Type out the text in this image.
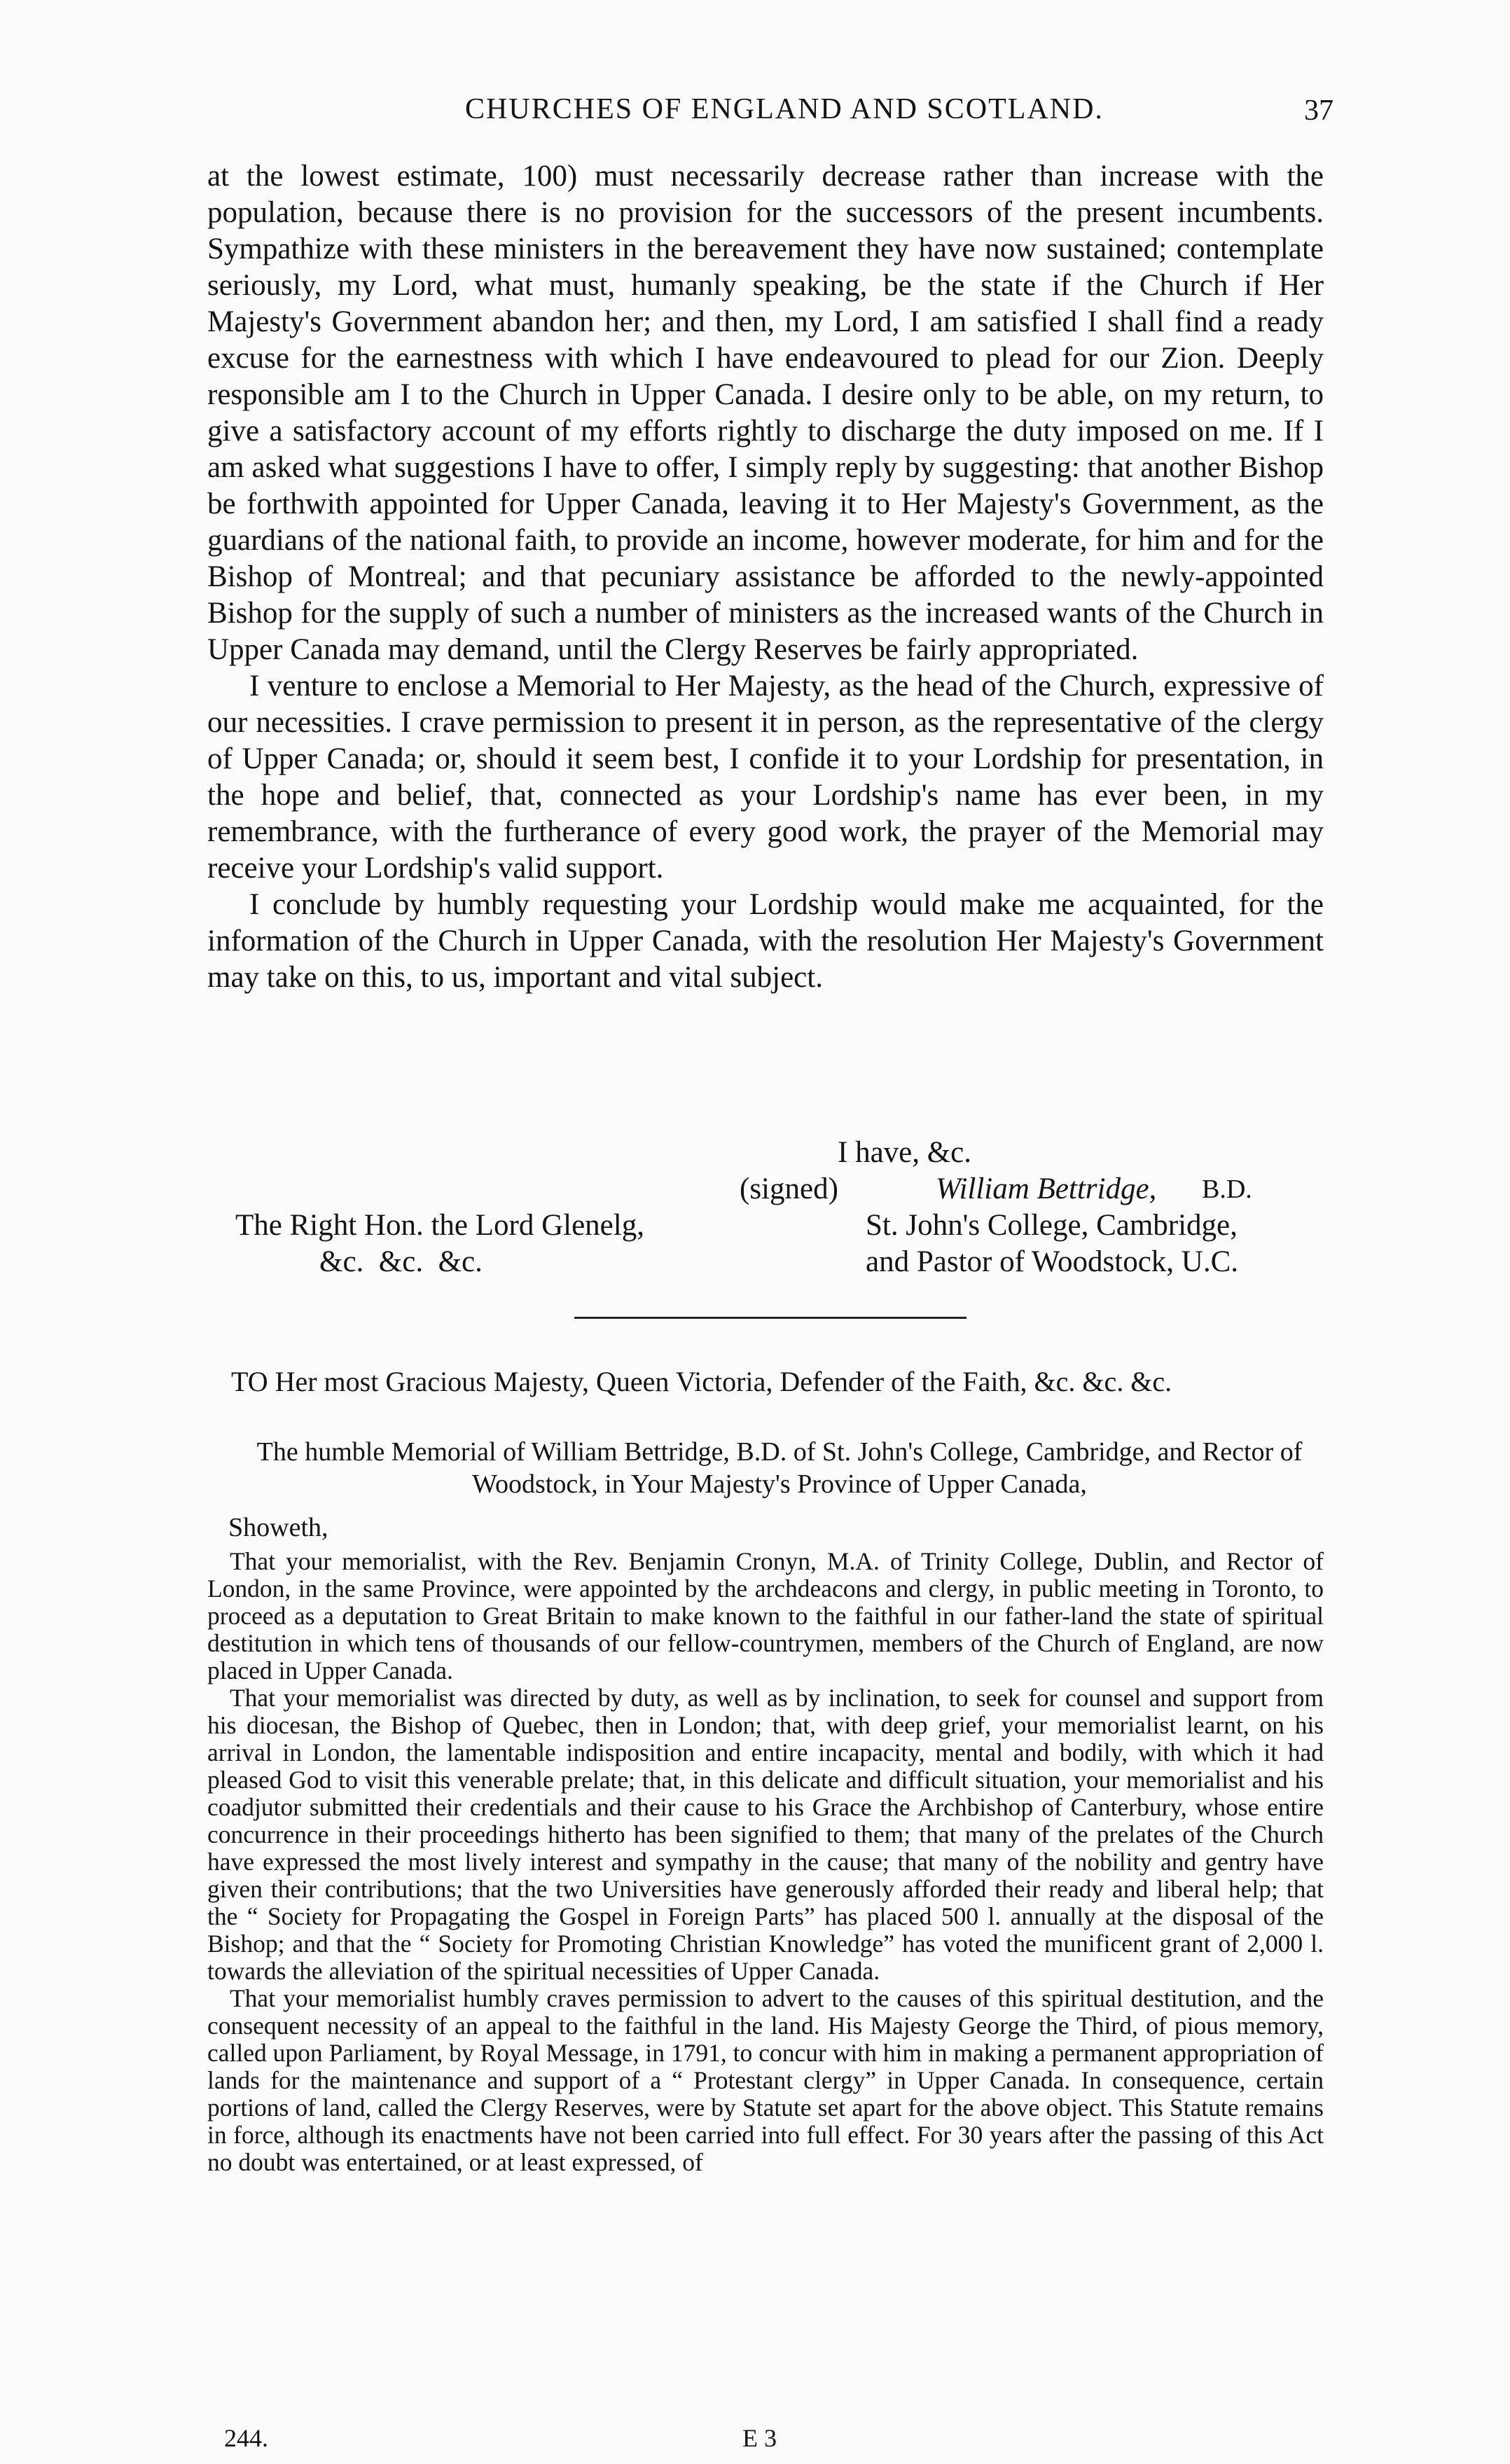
CHURCHES OF ENGLAND AND SCOTLAND.	37

at the lowest estimate, 100) must necessarily decrease rather than increase with the population, because there is no provision for the successors of the present incumbents. Sympathize with these ministers in the bereavement they have now sustained; contemplate seriously, my Lord, what must, humanly speaking, be the state if the Church if Her Majesty's Government abandon her; and then, my Lord, I am satisfied I shall find a ready excuse for the earnestness with which I have endeavoured to plead for our Zion. Deeply responsible am I to the Church in Upper Canada. I desire only to be able, on my return, to give a satisfactory account of my efforts rightly to discharge the duty imposed on me. If I am asked what suggestions I have to offer, I simply reply by suggesting: that another Bishop be forthwith appointed for Upper Canada, leaving it to Her Majesty's Government, as the guardians of the national faith, to provide an income, however moderate, for him and for the Bishop of Montreal; and that pecuniary assistance be afforded to the newly-appointed Bishop for the supply of such a number of ministers as the increased wants of the Church in Upper Canada may demand, until the Clergy Reserves be fairly appropriated.

I venture to enclose a Memorial to Her Majesty, as the head of the Church, expressive of our necessities. I crave permission to present it in person, as the representative of the clergy of Upper Canada; or, should it seem best, I confide it to your Lordship for presentation, in the hope and belief, that, connected as your Lordship's name has ever been, in my remembrance, with the furtherance of every good work, the prayer of the Memorial may receive your Lordship's valid support.

I conclude by humbly requesting your Lordship would make me acquainted, for the information of the Church in Upper Canada, with the resolution Her Majesty's Government may take on this, to us, important and vital subject.

I have, &c.
(signed)	William Bettridge, B.D.
The Right Hon. the Lord Glenelg,	St. John's College, Cambridge,
&c.  &c.  &c.	and Pastor of Woodstock, U.C.
TO Her most Gracious Majesty, Queen Victoria, Defender of the Faith, &c. &c. &c.
The humble Memorial of William Bettridge, B.D. of St. John's College, Cambridge, and Rector of Woodstock, in Your Majesty's Province of Upper Canada,
Showeth,

That your memorialist, with the Rev. Benjamin Cronyn, M.A. of Trinity College, Dublin, and Rector of London, in the same Province, were appointed by the archdeacons and clergy, in public meeting in Toronto, to proceed as a deputation to Great Britain to make known to the faithful in our father-land the state of spiritual destitution in which tens of thousands of our fellow-countrymen, members of the Church of England, are now placed in Upper Canada.

That your memorialist was directed by duty, as well as by inclination, to seek for counsel and support from his diocesan, the Bishop of Quebec, then in London; that, with deep grief, your memorialist learnt, on his arrival in London, the lamentable indisposition and entire incapacity, mental and bodily, with which it had pleased God to visit this venerable prelate; that, in this delicate and difficult situation, your memorialist and his coadjutor submitted their credentials and their cause to his Grace the Archbishop of Canterbury, whose entire concurrence in their proceedings hitherto has been signified to them; that many of the prelates of the Church have expressed the most lively interest and sympathy in the cause; that many of the nobility and gentry have given their contributions; that the two Universities have generously afforded their ready and liberal help; that the “ Society for Propagating the Gospel in Foreign Parts” has placed 500 l. annually at the disposal of the Bishop; and that the “ Society for Promoting Christian Knowledge” has voted the munificent grant of 2,000 l. towards the alleviation of the spiritual necessities of Upper Canada.

That your memorialist humbly craves permission to advert to the causes of this spiritual destitution, and the consequent necessity of an appeal to the faithful in the land. His Majesty George the Third, of pious memory, called upon Parliament, by Royal Message, in 1791, to concur with him in making a permanent appropriation of lands for the maintenance and support of a “ Protestant clergy” in Upper Canada. In consequence, certain portions of land, called the Clergy Reserves, were by Statute set apart for the above object. This Statute remains in force, although its enactments have not been carried into full effect. For 30 years after the passing of this Act no doubt was entertained, or at least expressed, of

244.	E 3
